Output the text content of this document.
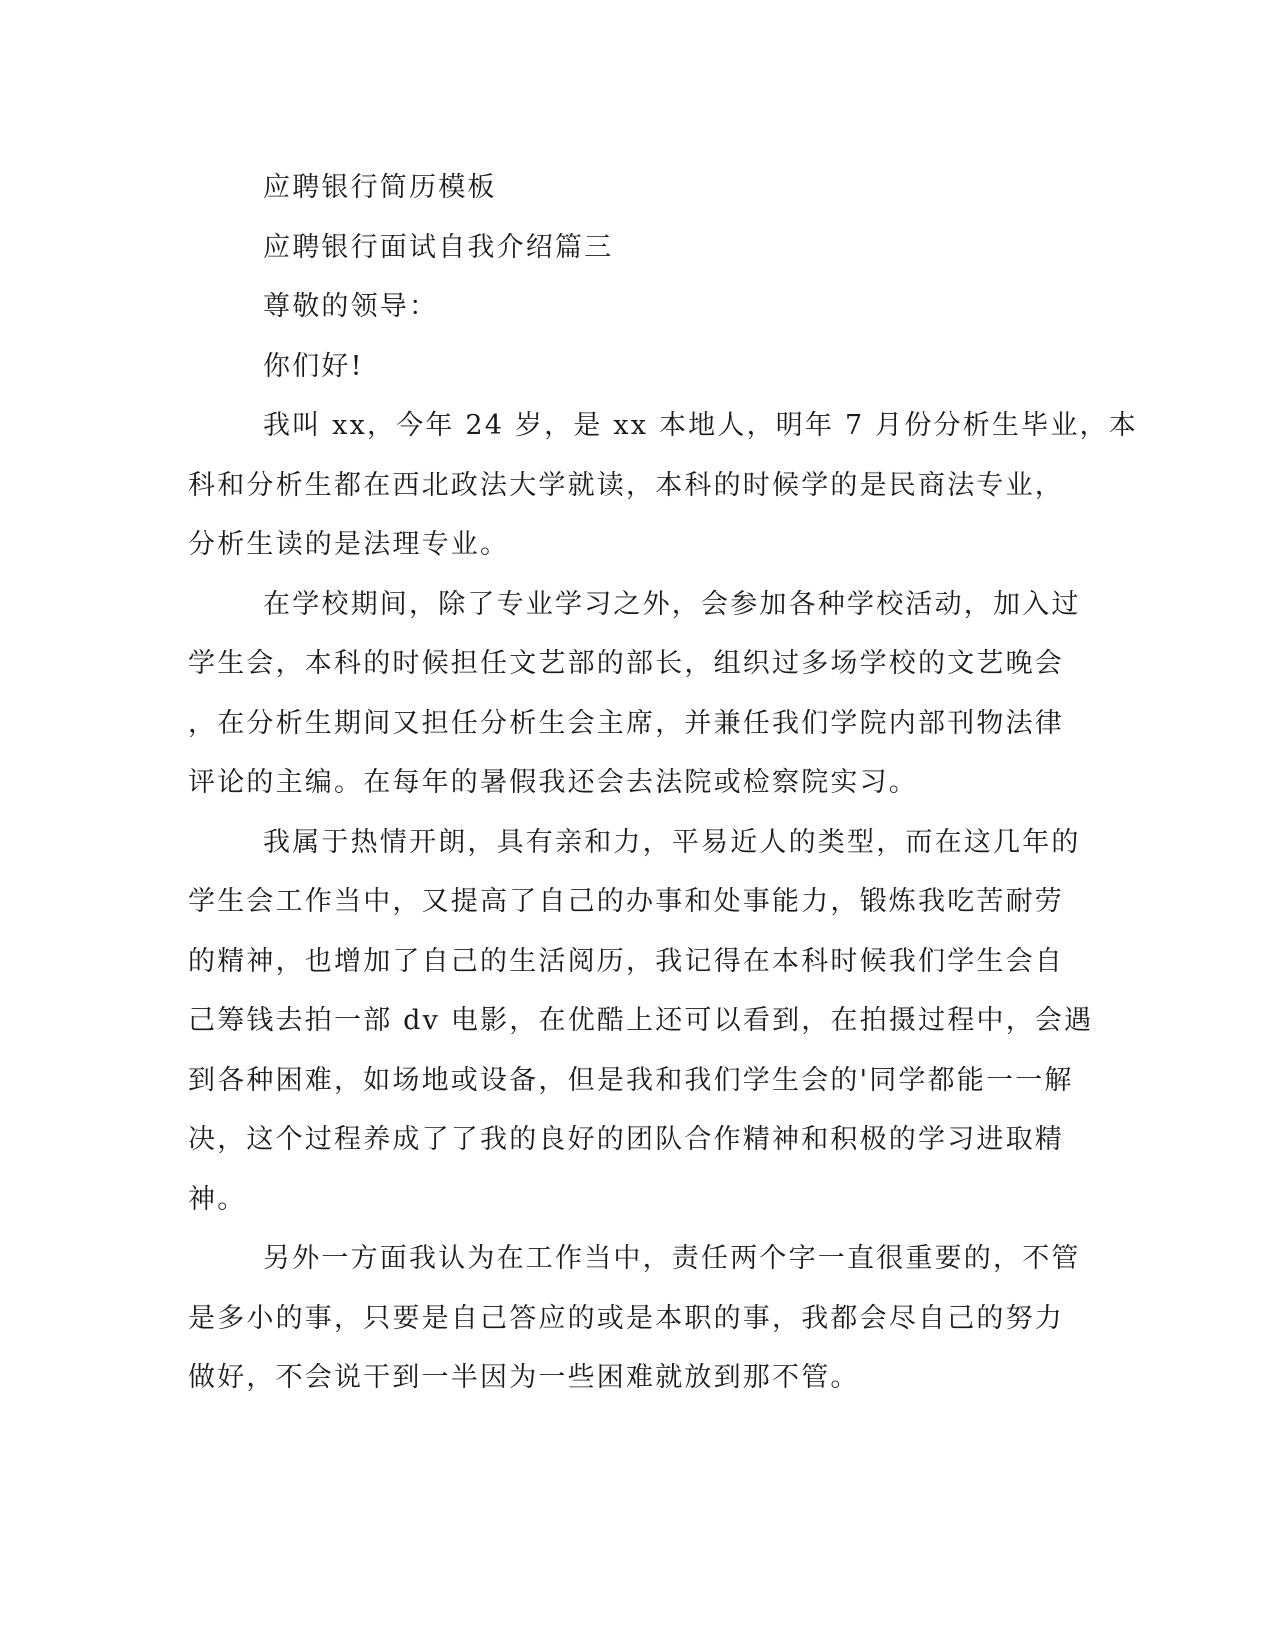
应聘银行简历模板
应聘银行面试自我介绍篇三
尊敬的领导：
你们好!
我叫 xx，今年 24 岁，是 xx 本地人，明年 7 月份分析生毕业，本
科和分析生都在西北政法大学就读，本科的时候学的是民商法专业，
分析生读的是法理专业。
在学校期间，除了专业学习之外，会参加各种学校活动，加入过
学生会，本科的时候担任文艺部的部长，组织过多场学校的文艺晚会
，在分析生期间又担任分析生会主席，并兼任我们学院内部刊物法律
评论的主编。在每年的暑假我还会去法院或检察院实习。
我属于热情开朗，具有亲和力，平易近人的类型，而在这几年的
学生会工作当中，又提高了自己的办事和处事能力，锻炼我吃苦耐劳
的精神，也增加了自己的生活阅历，我记得在本科时候我们学生会自
己筹钱去拍一部 dv 电影，在优酷上还可以看到，在拍摄过程中，会遇
到各种困难，如场地或设备，但是我和我们学生会的'同学都能一一解
决，这个过程养成了了我的良好的团队合作精神和积极的学习进取精
神。
另外一方面我认为在工作当中，责任两个字一直很重要的，不管
是多小的事，只要是自己答应的或是本职的事，我都会尽自己的努力
做好，不会说干到一半因为一些困难就放到那不管。
